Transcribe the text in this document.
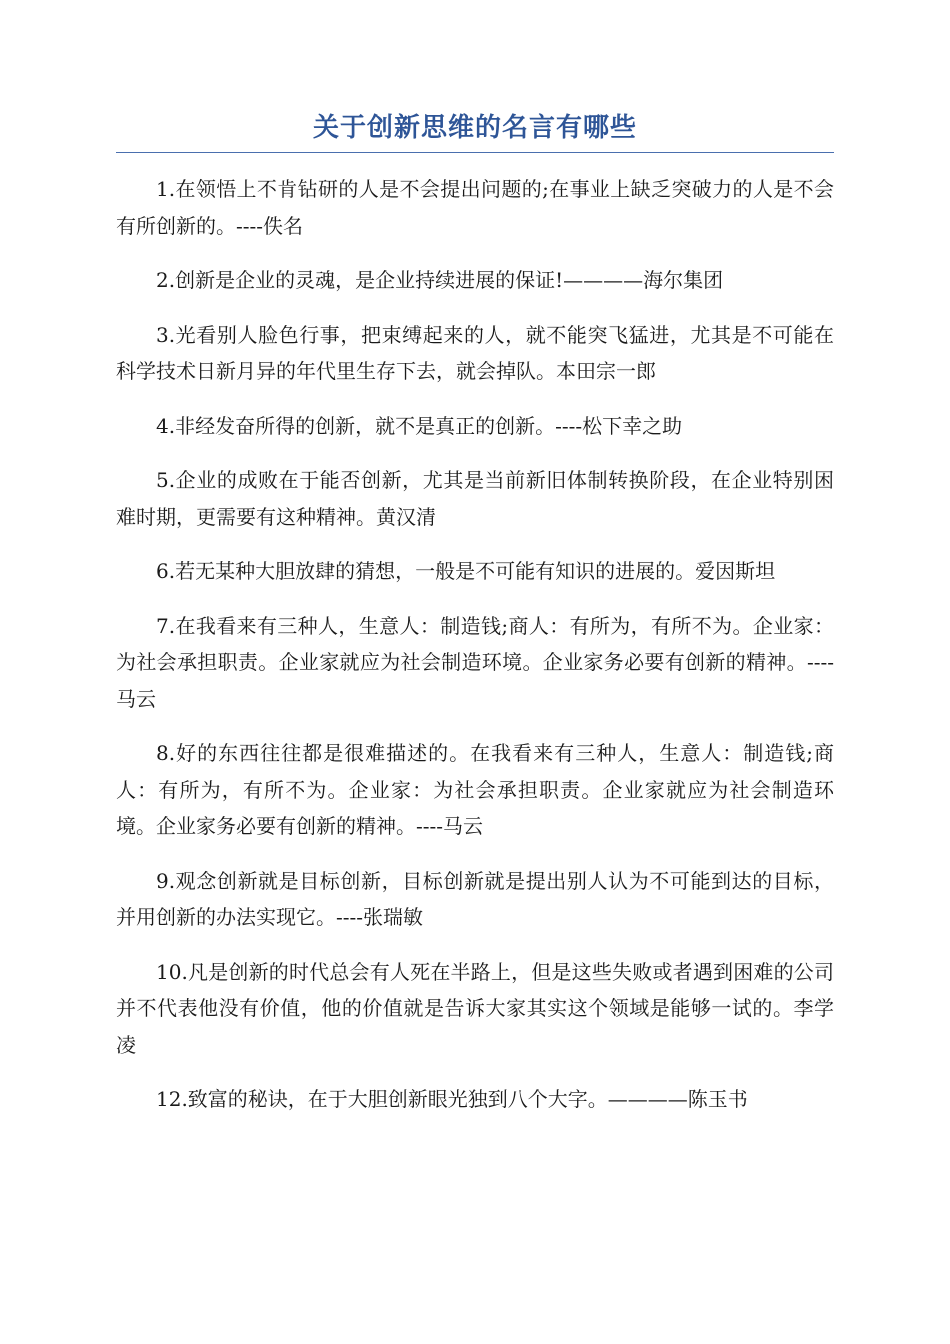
关于创新思维的名言有哪些

1.在领悟上不肯钻研的人是不会提出问题的;在事业上缺乏突破力的人是不会有所创新的。----佚名

2.创新是企业的灵魂，是企业持续进展的保证!————海尔集团

3.光看别人脸色行事，把束缚起来的人，就不能突飞猛进，尤其是不可能在科学技术日新月异的年代里生存下去，就会掉队。本田宗一郎

4.非经发奋所得的创新，就不是真正的创新。----松下幸之助

5.企业的成败在于能否创新，尤其是当前新旧体制转换阶段，在企业特别困难时期，更需要有这种精神。黄汉清

6.若无某种大胆放肆的猜想，一般是不可能有知识的进展的。爱因斯坦

7.在我看来有三种人，生意人：制造钱;商人：有所为，有所不为。企业家：为社会承担职责。企业家就应为社会制造环境。企业家务必要有创新的精神。----马云

8.好的东西往往都是很难描述的。在我看来有三种人，生意人：制造钱;商人：有所为，有所不为。企业家：为社会承担职责。企业家就应为社会制造环境。企业家务必要有创新的精神。----马云

9.观念创新就是目标创新，目标创新就是提出别人认为不可能到达的目标，并用创新的办法实现它。----张瑞敏

10.凡是创新的时代总会有人死在半路上，但是这些失败或者遇到困难的公司并不代表他没有价值，他的价值就是告诉大家其实这个领域是能够一试的。李学凌

12.致富的秘诀，在于大胆创新眼光独到八个大字。————陈玉书
